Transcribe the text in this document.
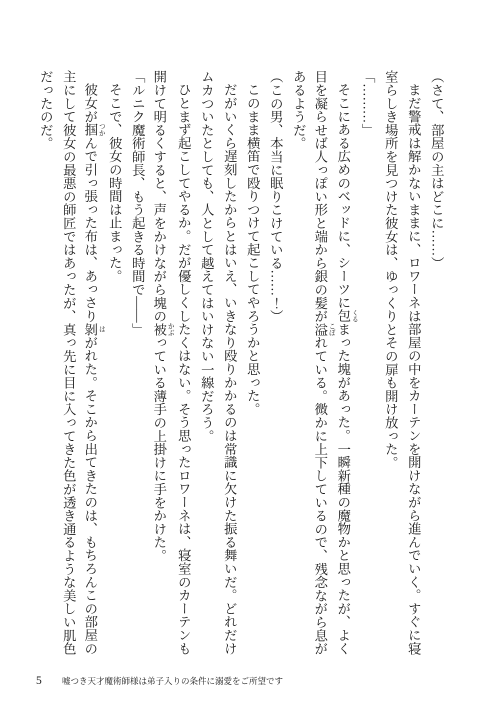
（さて、部屋の主はどこに……）
まだ警戒は解かないままに、ロワーネは部屋の中をカーテンを開けながら進んでいく。すぐに寝
室らしき場所を見つけた彼女は、ゆっくりとその扉も開け放った。
「………」
そこにある広めのベッドに、シーツに包 くるまった塊があった。一瞬新種の魔物かと思ったが、よく
目を凝らせば人っぽい形と端から銀の髪が溢 こぼれている。微かに上下しているので、残念ながら息が
あるようだ。
（この男、本当に眠りこけている……！）
このまま横笛で殴りつけて起こしてやろうかと思った。
だがいくら遅刻したからとはいえ、いきなり殴りかかるのは常識に欠けた振る舞いだ。どれだけ
ムカついたとしても、人として越えてはいけない一線だろう。
ひとまず起こしてやるか。だが優しくしたくはない。そう思ったロワーネは、寝室のカーテンも
開けて明るくすると、声をかけながら塊の被 かぶっている薄手の上掛けに手をかけた。
「ルニク魔術師長、もう起きる時間で――」
そこで、彼女の時間は止まった。
彼女が掴 つかんで引っ張った布は、あっさり剝 はがれた。そこから出てきたのは、もちろんこの部屋の
主にして彼女の最悪の師匠ではあったが、真っ先に目に入ってきた色が透き通るような美しい肌色
だったのだ。
5 嘘つき天才魔術師様は弟子入りの条件に溺愛をご所望です
